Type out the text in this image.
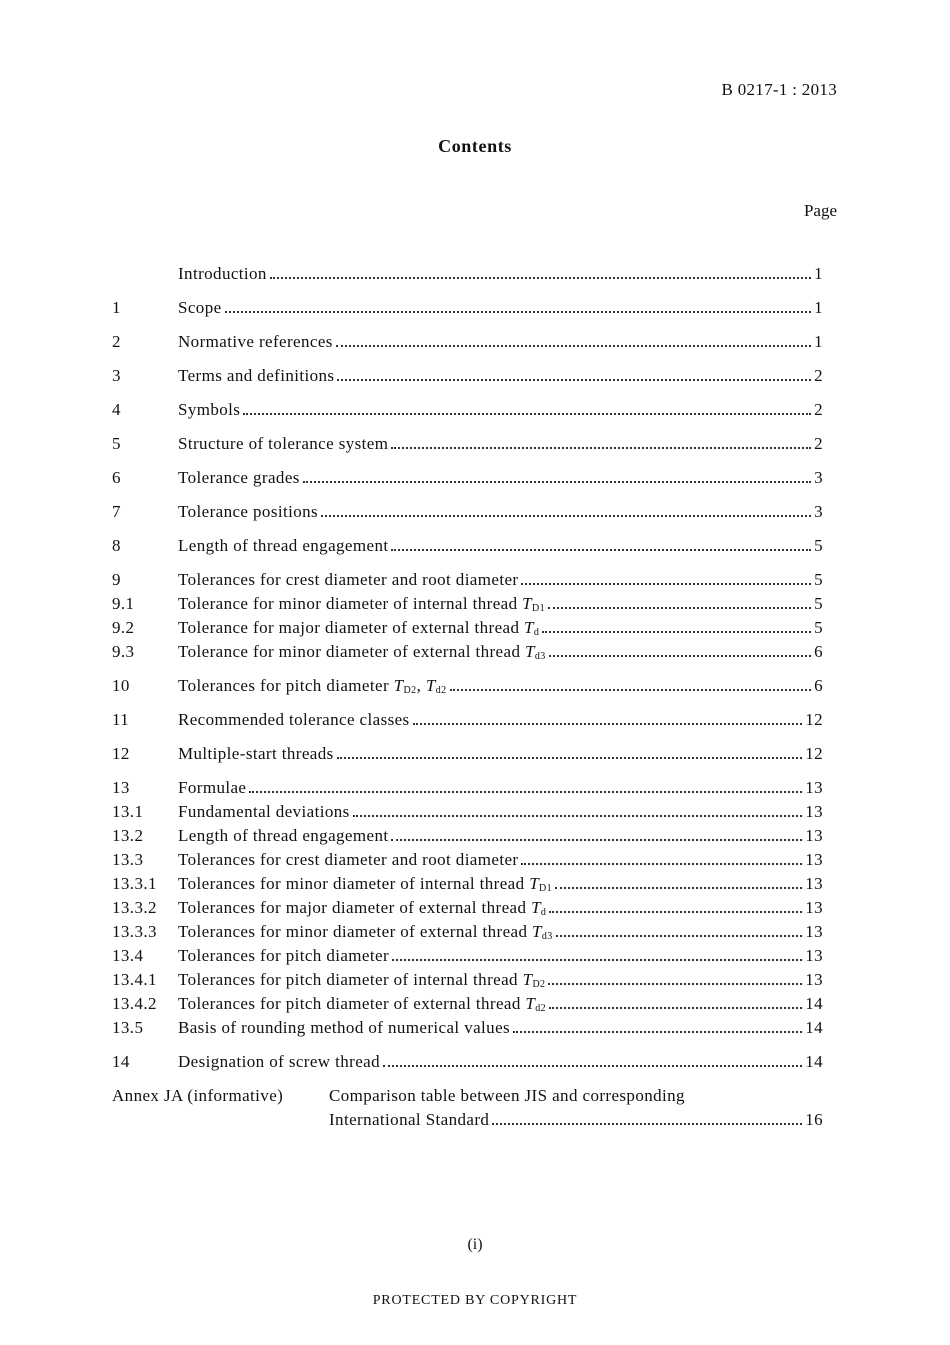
B 0217-1 : 2013
Contents
Page
Introduction	1
1	Scope	1
2	Normative references	1
3	Terms and definitions	2
4	Symbols	2
5	Structure of tolerance system	2
6	Tolerance grades	3
7	Tolerance positions	3
8	Length of thread engagement	5
9	Tolerances for crest diameter and root diameter	5
9.1	Tolerance for minor diameter of internal thread $T_{D1}$	5
9.2	Tolerance for major diameter of external thread $T_d$	5
9.3	Tolerance for minor diameter of external thread $T_{d3}$	6
10	Tolerances for pitch diameter $T_{D2}$, $T_{d2}$	6
11	Recommended tolerance classes	12
12	Multiple-start threads	12
13	Formulae	13
13.1	Fundamental deviations	13
13.2	Length of thread engagement	13
13.3	Tolerances for crest diameter and root diameter	13
13.3.1	Tolerances for minor diameter of internal thread $T_{D1}$	13
13.3.2	Tolerances for major diameter of external thread $T_d$	13
13.3.3	Tolerances for minor diameter of external thread $T_{d3}$	13
13.4	Tolerances for pitch diameter	13
13.4.1	Tolerances for pitch diameter of internal thread $T_{D2}$	13
13.4.2	Tolerances for pitch diameter of external thread $T_{d2}$	14
13.5	Basis of rounding method of numerical values	14
14	Designation of screw thread	14
Annex JA (informative)	Comparison table between JIS and corresponding
International Standard	16
(i)
PROTECTED BY COPYRIGHT
